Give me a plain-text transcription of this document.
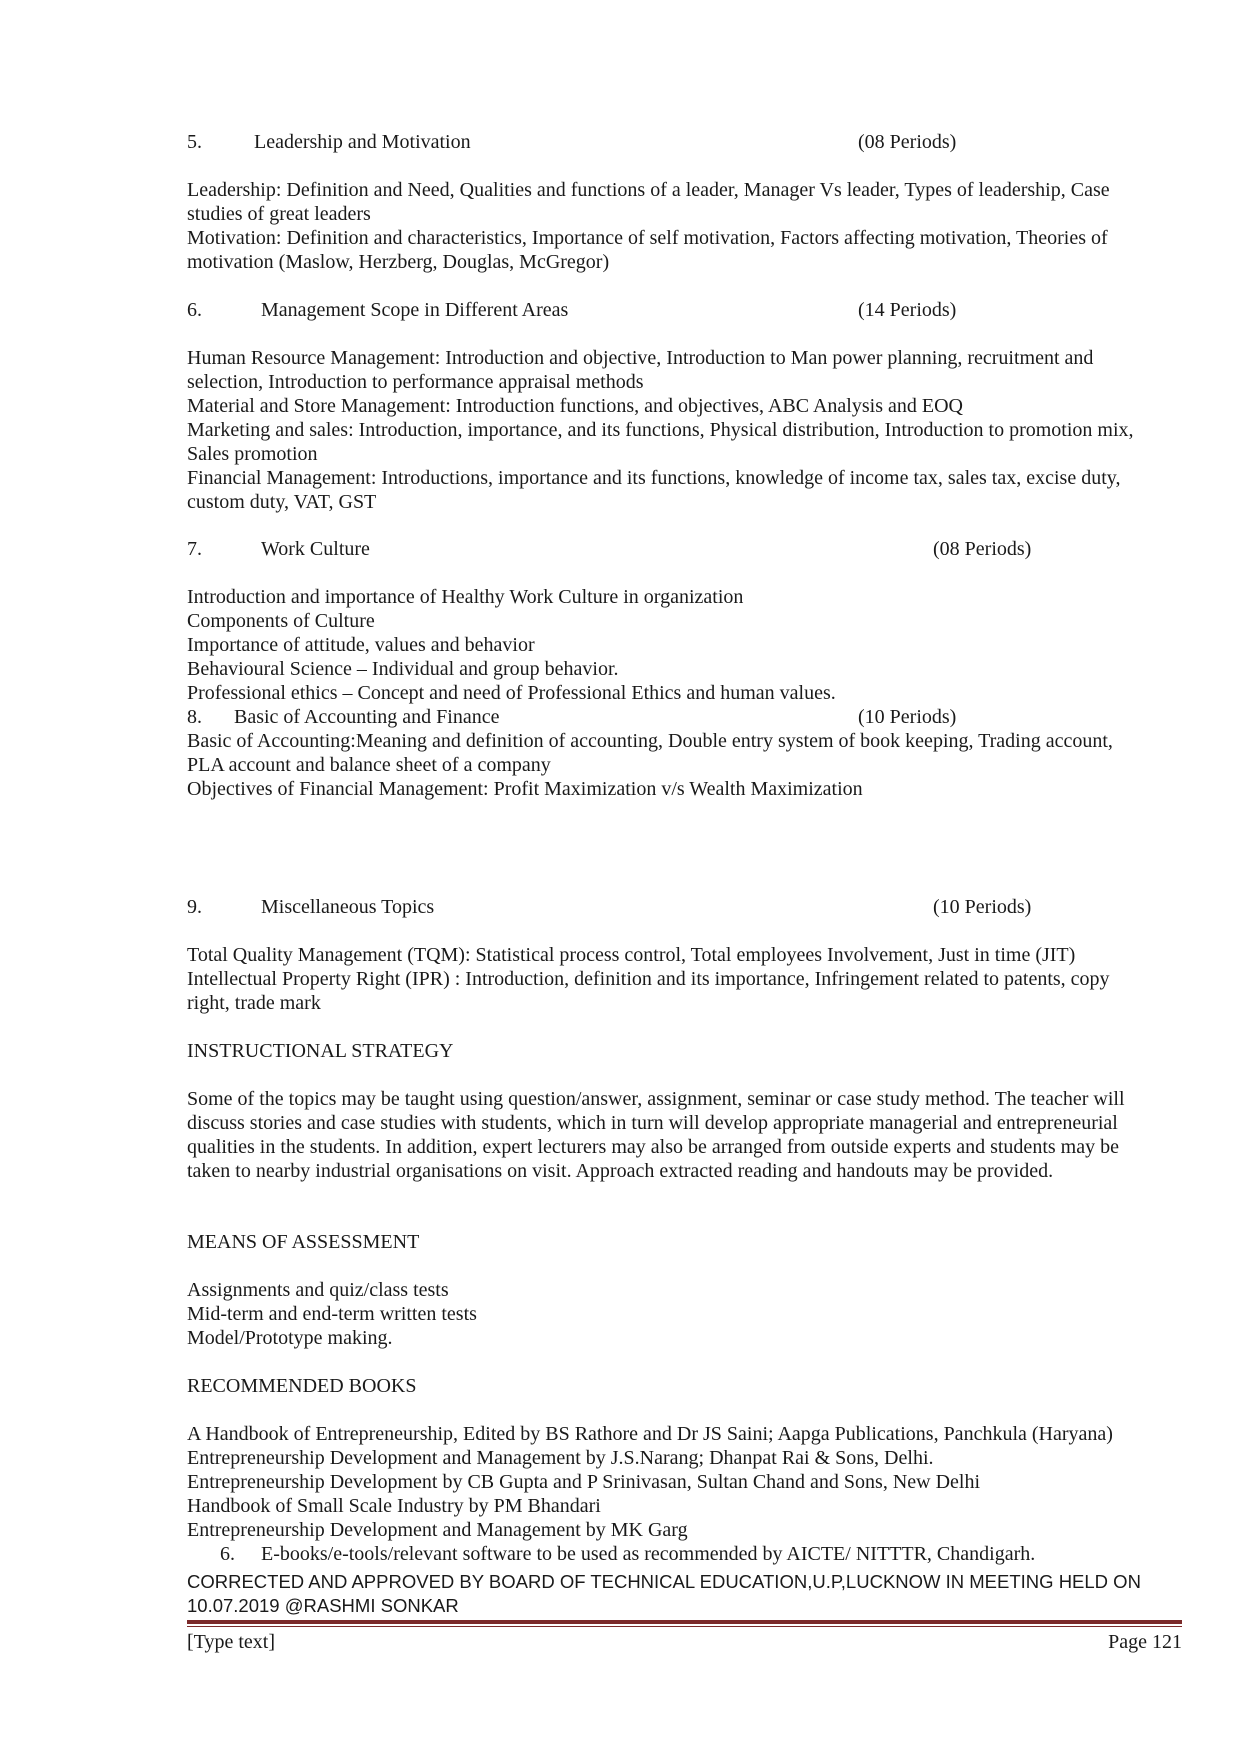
5.	Leadership and Motivation	(08 Periods)
Leadership: Definition and Need, Qualities and functions of a leader, Manager Vs leader, Types of leadership, Case
studies of great leaders
Motivation: Definition and characteristics, Importance of self motivation, Factors affecting motivation, Theories of
motivation (Maslow, Herzberg, Douglas, McGregor)
6.	Management Scope in Different Areas	(14 Periods)
Human Resource Management: Introduction and objective, Introduction to Man power planning, recruitment and
selection, Introduction to performance appraisal methods
Material and Store Management: Introduction functions, and objectives, ABC Analysis and EOQ
Marketing and sales: Introduction, importance, and its functions, Physical distribution, Introduction to promotion mix,
Sales promotion
Financial Management: Introductions, importance and its functions, knowledge of income tax, sales tax, excise duty,
custom duty, VAT, GST
7.	Work Culture	(08 Periods)
Introduction and importance of Healthy Work Culture in organization
Components of Culture
Importance of attitude, values and behavior
Behavioural Science – Individual and group behavior.
Professional ethics – Concept and need of Professional Ethics and human values.
8. Basic of Accounting and Finance	(10 Periods)
Basic of Accounting:Meaning and definition of accounting, Double entry system of book keeping, Trading account,
PLA account and balance sheet of a company
Objectives of Financial Management: Profit Maximization v/s Wealth Maximization
9.	Miscellaneous Topics	(10 Periods)
Total Quality Management (TQM): Statistical process control, Total employees Involvement, Just in time (JIT)
Intellectual Property Right (IPR) : Introduction, definition and its importance, Infringement related to patents, copy
right, trade mark
INSTRUCTIONAL STRATEGY
Some of the topics may be taught using question/answer, assignment, seminar or case study method. The teacher will
discuss stories and case studies with students, which in turn will develop appropriate managerial and entrepreneurial
qualities in the students. In addition, expert lecturers may also be arranged from outside experts and students may be
taken to nearby industrial organisations on visit. Approach extracted reading and handouts may be provided.
MEANS OF ASSESSMENT
Assignments and quiz/class tests
Mid-term and end-term written tests
Model/Prototype making.
RECOMMENDED BOOKS
A Handbook of Entrepreneurship, Edited by BS Rathore and Dr JS Saini; Aapga Publications, Panchkula (Haryana)
Entrepreneurship Development and Management by J.S.Narang; Dhanpat Rai & Sons, Delhi.
Entrepreneurship Development by CB Gupta and P Srinivasan, Sultan Chand and Sons, New Delhi
Handbook of Small Scale Industry by PM Bhandari
Entrepreneurship Development and Management by MK Garg
6. E-books/e-tools/relevant software to be used as recommended by AICTE/ NITTTR, Chandigarh.
CORRECTED AND APPROVED BY BOARD OF TECHNICAL EDUCATION,U.P,LUCKNOW IN MEETING HELD ON
10.07.2019 @RASHMI SONKAR
[Type text]	Page 121
